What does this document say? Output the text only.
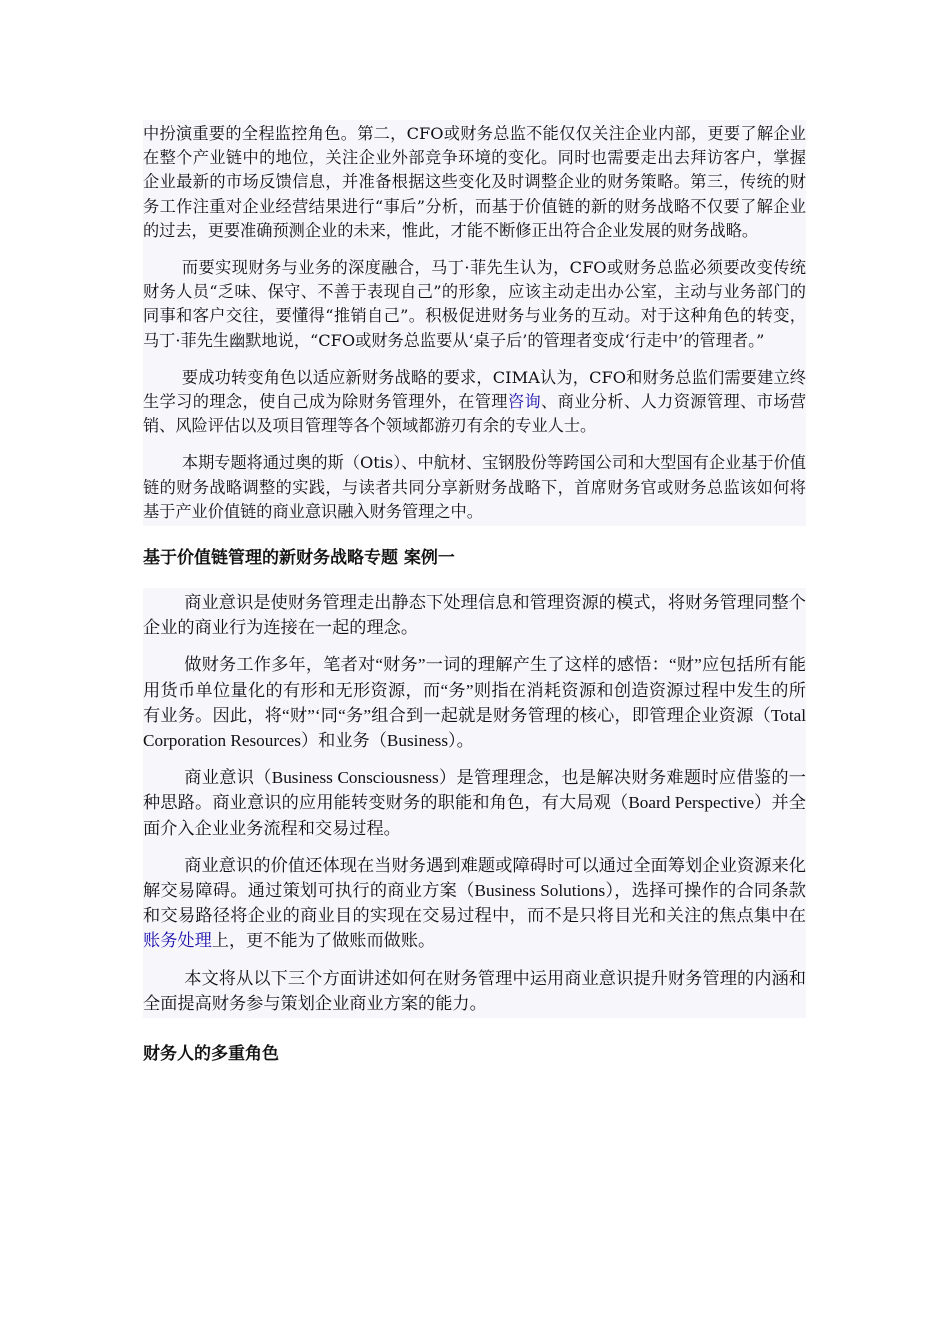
中扮演重要的全程监控角色。第二，CFO或财务总监不能仅仅关注企业内部，更要了解企业在整个产业链中的地位，关注企业外部竞争环境的变化。同时也需要走出去拜访客户，掌握企业最新的市场反馈信息，并准备根据这些变化及时调整企业的财务策略。第三，传统的财务工作注重对企业经营结果进行“事后”分析，而基于价值链的新的财务战略不仅要了解企业的过去，更要准确预测企业的未来，惟此，才能不断修正出符合企业发展的财务战略。

而要实现财务与业务的深度融合，马丁·菲先生认为，CFO或财务总监必须要改变传统财务人员“乏味、保守、不善于表现自己”的形象，应该主动走出办公室，主动与业务部门的同事和客户交往，要懂得“推销自己”。积极促进财务与业务的互动。对于这种角色的转变，马丁·菲先生幽默地说，“CFO或财务总监要从‘桌子后’的管理者变成‘行走中’的管理者。”

要成功转变角色以适应新财务战略的要求，CIMA认为，CFO和财务总监们需要建立终生学习的理念，使自己成为除财务管理外，在管理咨询、商业分析、人力资源管理、市场营销、风险评估以及项目管理等各个领域都游刃有余的专业人士。

本期专题将通过奥的斯（Otis）、中航材、宝钢股份等跨国公司和大型国有企业基于价值链的财务战略调整的实践，与读者共同分享新财务战略下，首席财务官或财务总监该如何将基于产业价值链的商业意识融入财务管理之中。

基于价值链管理的新财务战略专题 案例一

商业意识是使财务管理走出静态下处理信息和管理资源的模式，将财务管理同整个企业的商业行为连接在一起的理念。

做财务工作多年，笔者对“财务”一词的理解产生了这样的感悟：“财”应包括所有能用货币单位量化的有形和无形资源，而“务”则指在消耗资源和创造资源过程中发生的所有业务。因此，将“财”‘同“务”组合到一起就是财务管理的核心，即管理企业资源（Total Corporation Resources）和业务（Business）。

商业意识（Business Consciousness）是管理理念，也是解决财务难题时应借鉴的一种思路。商业意识的应用能转变财务的职能和角色，有大局观（Board Perspective）并全面介入企业业务流程和交易过程。

商业意识的价值还体现在当财务遇到难题或障碍时可以通过全面筹划企业资源来化解交易障碍。通过策划可执行的商业方案（Business Solutions），选择可操作的合同条款和交易路径将企业的商业目的实现在交易过程中，而不是只将目光和关注的焦点集中在账务处理上，更不能为了做账而做账。

本文将从以下三个方面讲述如何在财务管理中运用商业意识提升财务管理的内涵和全面提高财务参与策划企业商业方案的能力。

财务人的多重角色
